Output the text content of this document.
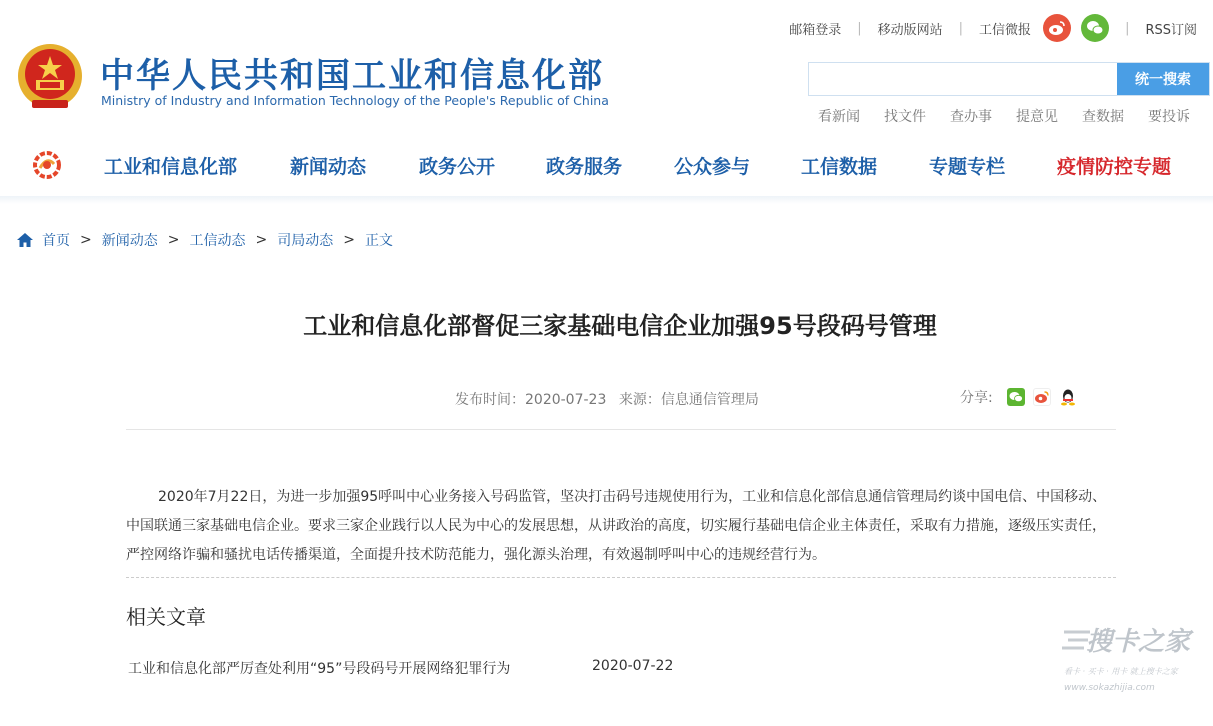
邮箱登录 | 移动版网站 | 工信微报	| RSS订阅
中华人民共和国工业和信息化部
Ministry of Industry and Information Technology of the People's Republic of China
统一搜索
看新闻 找文件 查办事 提意见 查数据 要投诉
工业和信息化部	新闻动态	政务公开	政务服务	公众参与	工信数据	专题专栏	疫情防控专题
首页 > 新闻动态 > 工信动态 > 司局动态 > 正文
工业和信息化部督促三家基础电信企业加强95号段码号管理
发布时间：2020-07-23 来源：信息通信管理局	分享:

2020年7月22日，为进一步加强95呼叫中心业务接入号码监管，坚决打击码号违规使用行为，工业和信息化部信息通信管理局约谈中国电信、中国移动、中国联通三家基础电信企业。要求三家企业践行以人民为中心的发展思想，从讲政治的高度，切实履行基础电信企业主体责任，采取有力措施，逐级压实责任，严控网络诈骗和骚扰电话传播渠道，全面提升技术防范能力，强化源头治理，有效遏制呼叫中心的违规经营行为。

相关文章
工业和信息化部严厉查处利用“95”号段码号开展网络犯罪行为	2020-07-22
搜卡之家
看卡 · 买卡 · 用卡 就上搜卡之家
www.sokazhijia.com
